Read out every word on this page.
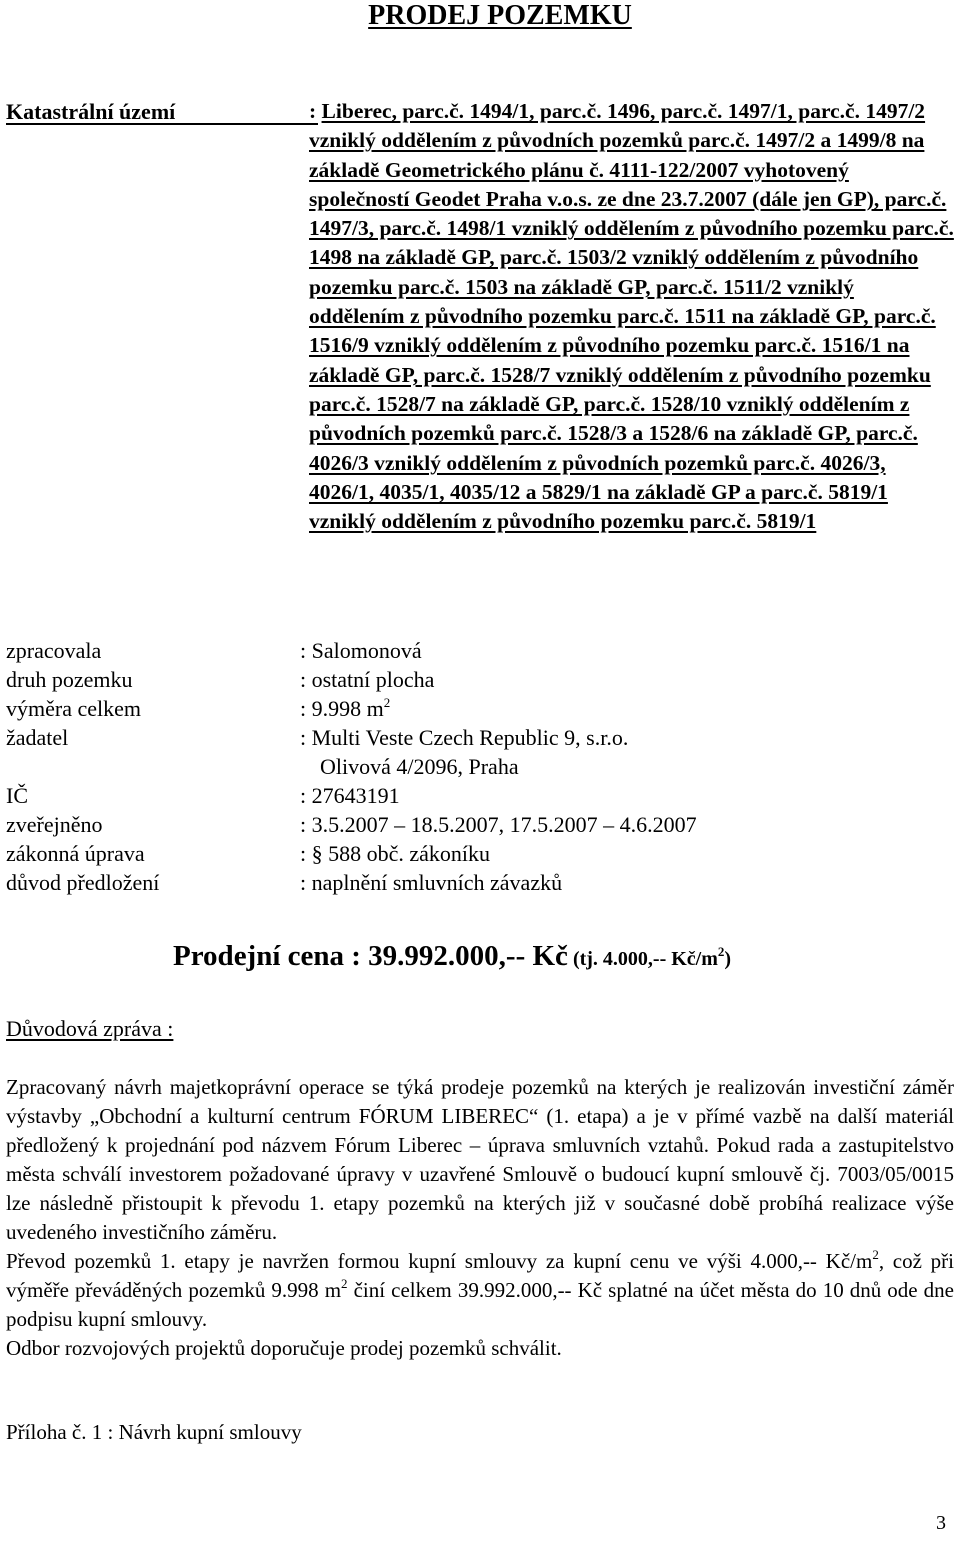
PRODEJ POZEMKU
Katastrální území	: Liberec, parc.č. 1494/1, parc.č. 1496, parc.č. 1497/1, parc.č. 1497/2 vzniklý oddělením z původních pozemků parc.č. 1497/2 a 1499/8 na základě Geometrického plánu č. 4111-122/2007 vyhotovený společností Geodet Praha v.o.s. ze dne 23.7.2007 (dále jen GP), parc.č. 1497/3, parc.č. 1498/1 vzniklý oddělením z původního pozemku parc.č. 1498 na základě GP, parc.č. 1503/2 vzniklý oddělením z původního pozemku parc.č. 1503 na základě GP, parc.č. 1511/2 vzniklý oddělením z původního pozemku parc.č. 1511 na základě GP, parc.č. 1516/9 vzniklý oddělením z původního pozemku parc.č. 1516/1 na základě GP, parc.č. 1528/7 vzniklý oddělením z původního pozemku parc.č. 1528/7 na základě GP, parc.č. 1528/10 vzniklý oddělením z původních pozemků parc.č. 1528/3 a 1528/6 na základě GP, parc.č. 4026/3 vzniklý oddělením z původních pozemků parc.č. 4026/3, 4026/1, 4035/1, 4035/12 a 5829/1 na základě GP a parc.č. 5819/1 vzniklý oddělením z původního pozemku parc.č. 5819/1
zpracovala	: Salomonová
druh pozemku	: ostatní plocha
výměra celkem	: 9.998 $m^2$
žadatel	: Multi Veste Czech Republic 9, s.r.o.
Olivová 4/2096, Praha
IČ	: 27643191
zveřejněno	: 3.5.2007 – 18.5.2007, 17.5.2007 – 4.6.2007
zákonná úprava	: § 588 obč. zákoníku
důvod předložení	: naplnění smluvních závazků
Prodejní cena : 39.992.000,-- Kč (tj. 4.000,-- $Kč/m^2$)
Důvodová zpráva :

Zpracovaný návrh majetkoprávní operace se týká prodeje pozemků na kterých je realizován investiční záměr výstavby „Obchodní a kulturní centrum FÓRUM LIBEREC“ (1. etapa) a je v přímé vazbě na další materiál předložený k projednání pod názvem Fórum Liberec – úprava smluvních vztahů. Pokud rada a zastupitelstvo města schválí investorem požadované úpravy v uzavřené Smlouvě o budoucí kupní smlouvě čj. 7003/05/0015 lze následně přistoupit k převodu 1. etapy pozemků na kterých již v současné době probíhá realizace výše uvedeného investičního záměru.

Převod pozemků 1. etapy je navržen formou kupní smlouvy za kupní cenu ve výši 4.000,-- $Kč/m^2$, což při výměře převáděných pozemků 9.998 $m^2$ činí celkem 39.992.000,-- Kč splatné na účet města do 10 dnů ode dne podpisu kupní smlouvy.

Odbor rozvojových projektů doporučuje prodej pozemků schválit.

Příloha č. 1 : Návrh kupní smlouvy
3
